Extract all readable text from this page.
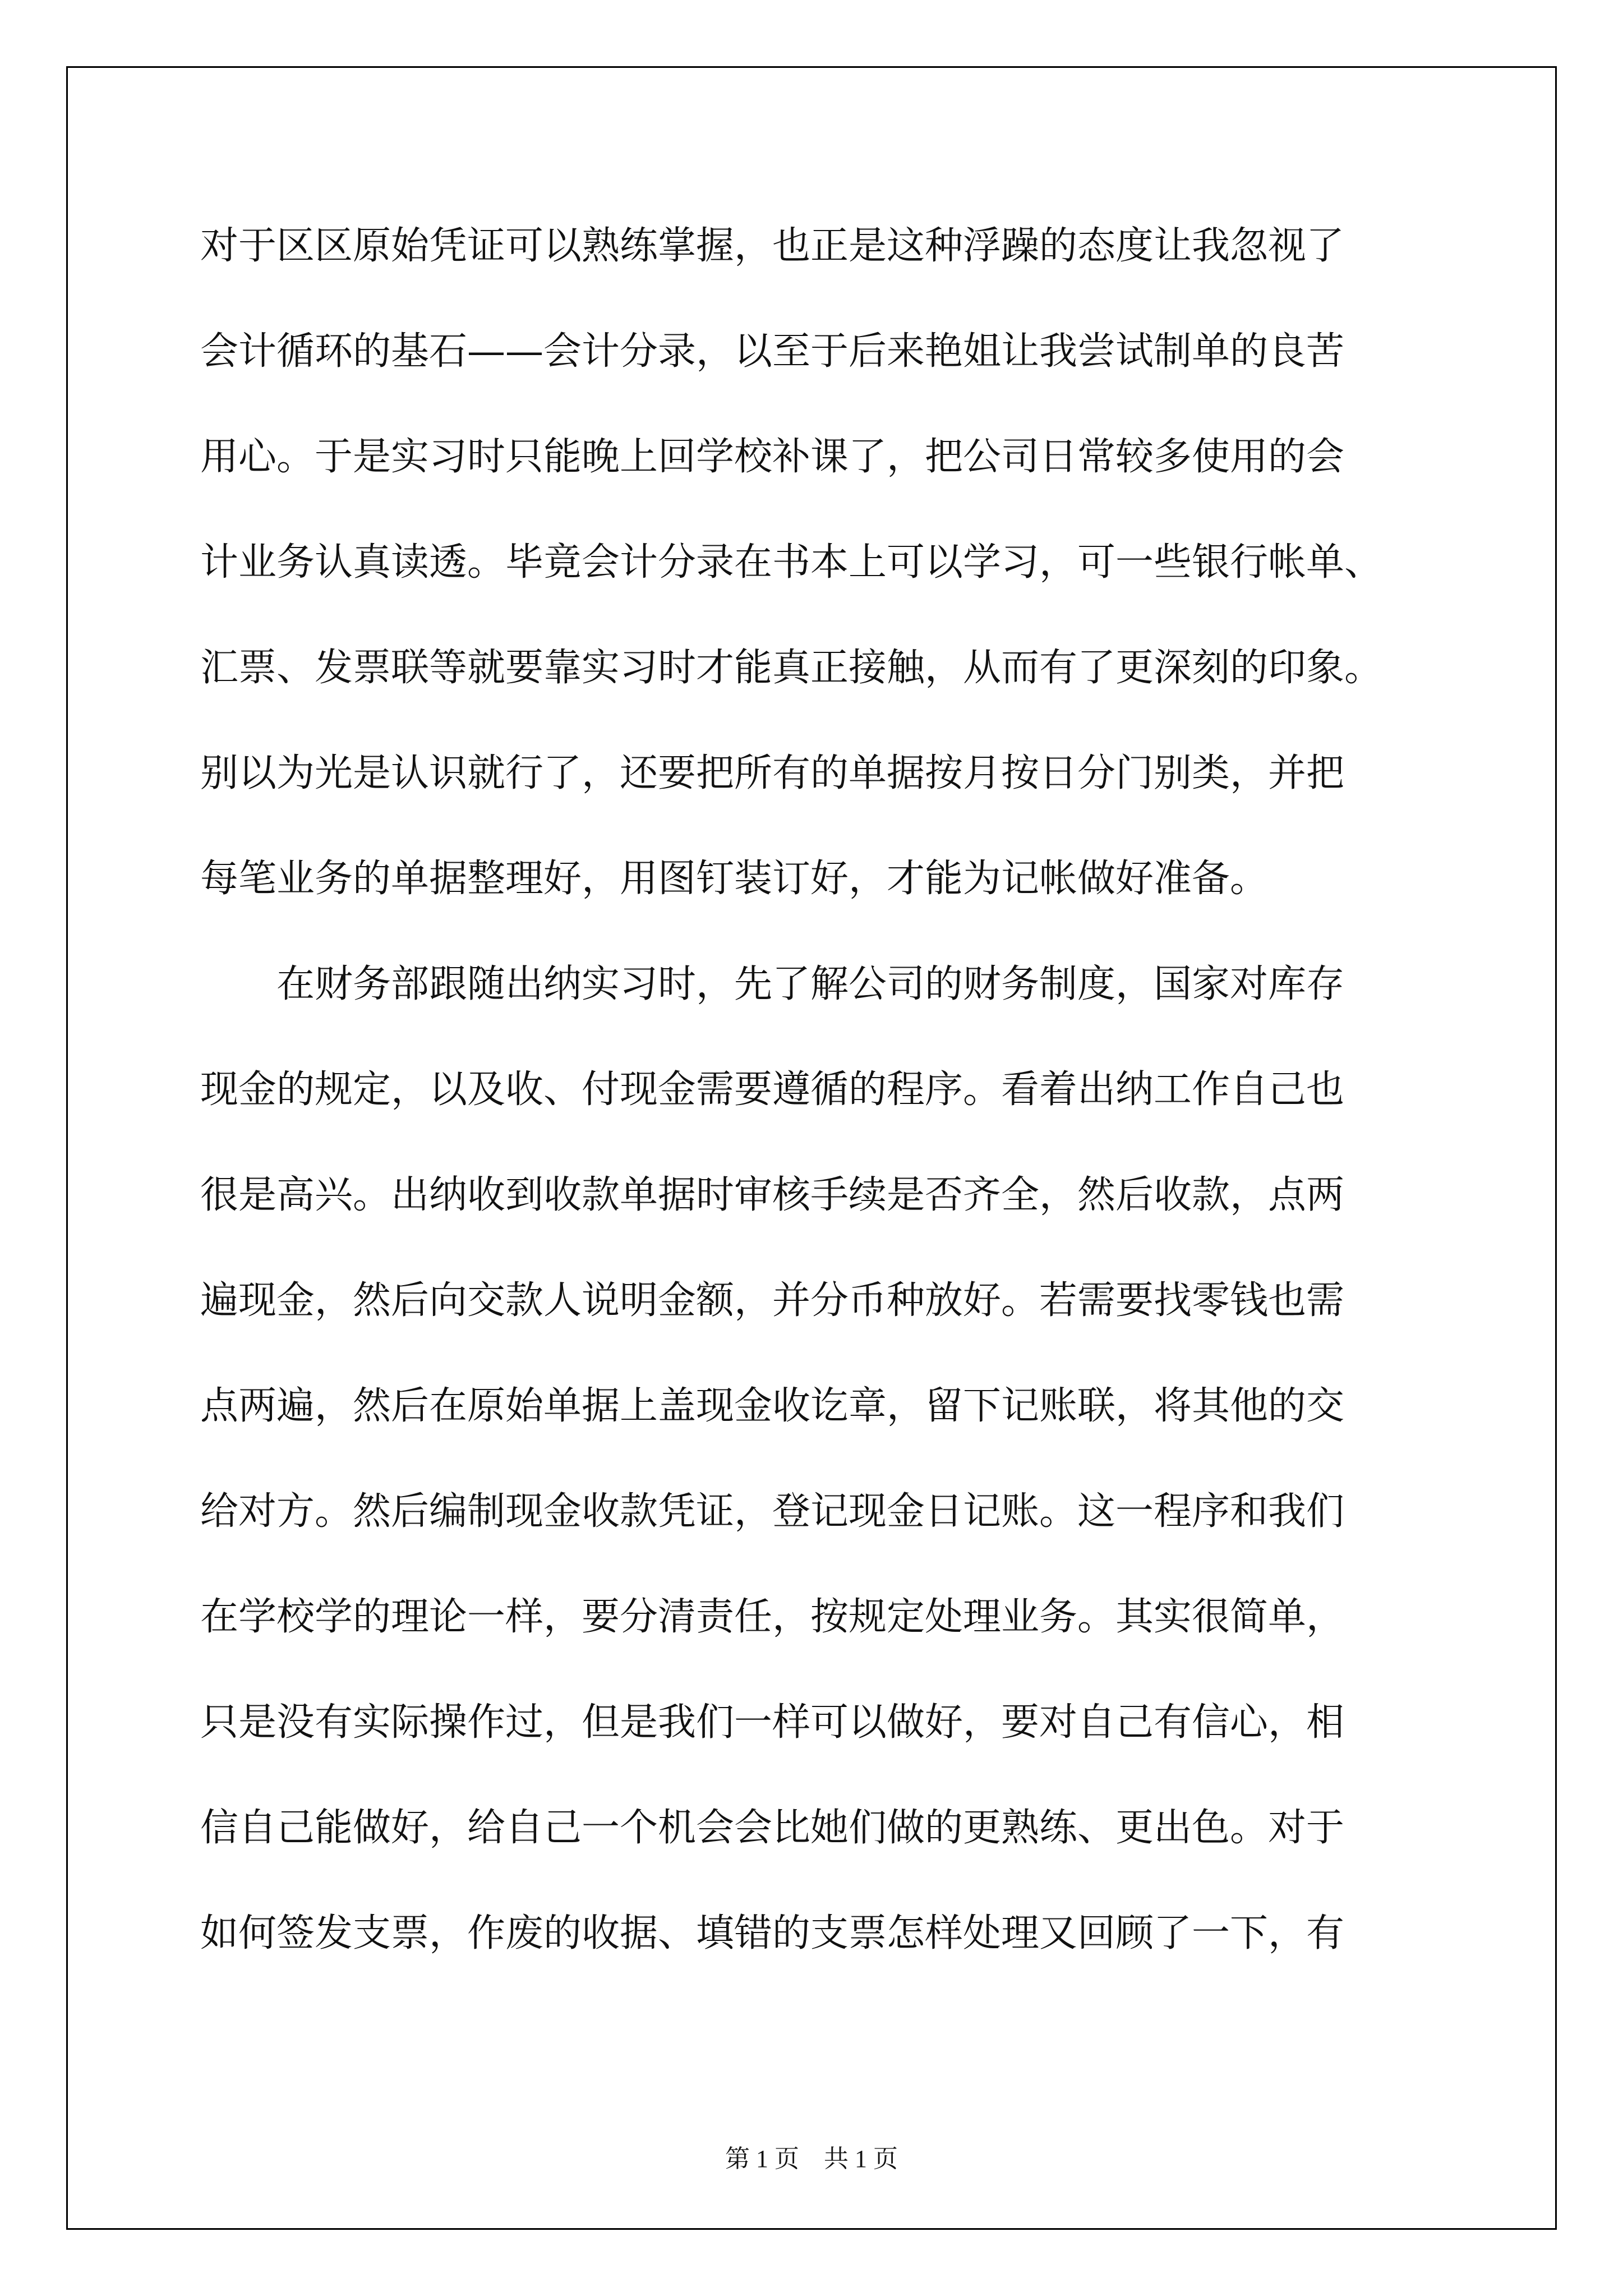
对于区区原始凭证可以熟练掌握，也正是这种浮躁的态度让我忽视了
会计循环的基石——会计分录，以至于后来艳姐让我尝试制单的良苦
用心。于是实习时只能晚上回学校补课了，把公司日常较多使用的会
计业务认真读透。毕竟会计分录在书本上可以学习，可一些银行帐单、
汇票、发票联等就要靠实习时才能真正接触，从而有了更深刻的印象。
别以为光是认识就行了，还要把所有的单据按月按日分门别类，并把
每笔业务的单据整理好，用图钉装订好，才能为记帐做好准备。
　　在财务部跟随出纳实习时，先了解公司的财务制度，国家对库存
现金的规定，以及收、付现金需要遵循的程序。看着出纳工作自己也
很是高兴。出纳收到收款单据时审核手续是否齐全，然后收款，点两
遍现金，然后向交款人说明金额，并分币种放好。若需要找零钱也需
点两遍，然后在原始单据上盖现金收讫章，留下记账联，将其他的交
给对方。然后编制现金收款凭证，登记现金日记账。这一程序和我们
在学校学的理论一样，要分清责任，按规定处理业务。其实很简单，
只是没有实际操作过，但是我们一样可以做好，要对自己有信心，相
信自己能做好，给自己一个机会会比她们做的更熟练、更出色。对于
如何签发支票，作废的收据、填错的支票怎样处理又回顾了一下，有
第 1 页　共 1 页
